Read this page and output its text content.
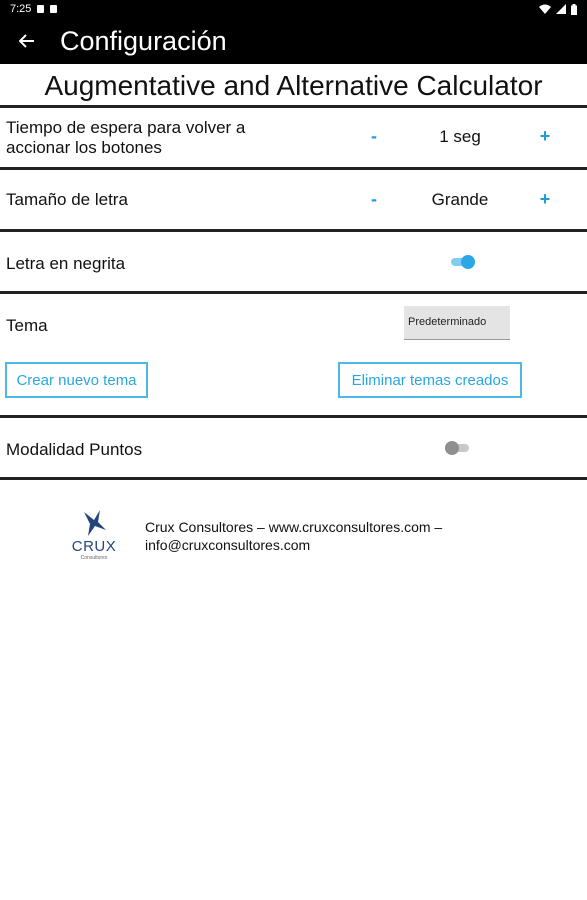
7:25
Configuración
Augmentative and Alternative Calculator
Tiempo de espera para volver a
accionar los botones
-	1 seg	+
Tamaño de letra	-	Grande	+
Letra en negrita
Tema	Predeterminado
Crear nuevo tema	Eliminar temas creados
Modalidad Puntos
CRUX
Consultores
Crux Consultores – www.cruxconsultores.com –
info@cruxconsultores.com
